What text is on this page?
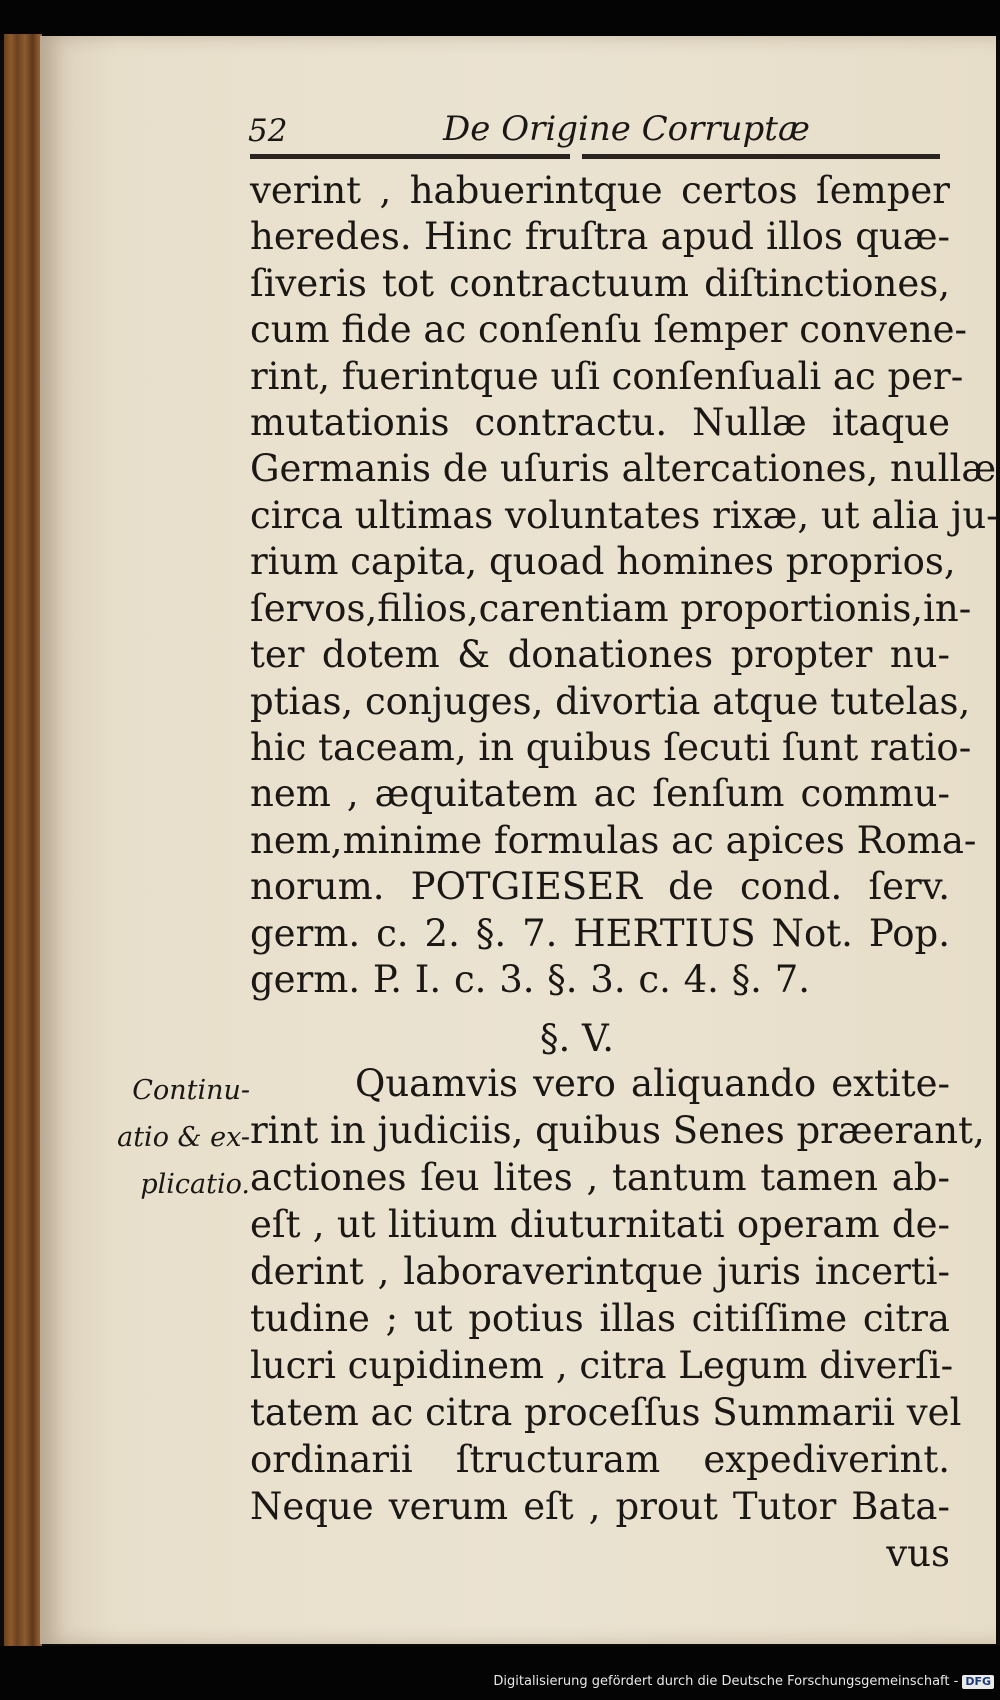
52	De Origine Corruptæ
verint , habuerintque certos ſemper
heredes. Hinc fruſtra apud illos quæ-
ſiveris tot contractuum diſtinctiones,
cum fide ac conſenſu ſemper convene-
rint, fuerintque uſi conſenſuali ac per-
mutationis contractu. Nullæ itaque
Germanis de uſuris altercationes, nullæ
circa ultimas voluntates rixæ, ut alia ju-
rium capita, quoad homines proprios,
ſervos,filios,carentiam proportionis,in-
ter dotem & donationes propter nu-
ptias, conjuges, divortia atque tutelas,
hic taceam, in quibus ſecuti ſunt ratio-
nem , æquitatem ac ſenſum commu-
nem,minime formulas ac apices Roma-
norum. POTGIESER de cond. ſerv.
germ. c. 2. §. 7. HERTIUS Not. Pop.
germ. P. I. c. 3. §. 3. c. 4. §. 7.
§. V.
Continu-
atio & ex-
plicatio.
Quamvis vero aliquando extite-
rint in judiciis, quibus Senes præerant,
actiones ſeu lites , tantum tamen ab-
eſt , ut litium diuturnitati operam de-
derint , laboraverintque juris incerti-
tudine ; ut potius illas citiſſime citra
lucri cupidinem , citra Legum diverſi-
tatem ac citra proceſſus Summarii vel
ordinarii ſtructuram expediverint.
Neque verum eſt , prout Tutor Bata-
vus
Digitalisierung gefördert durch die Deutsche Forschungsgemeinschaft - DFG
